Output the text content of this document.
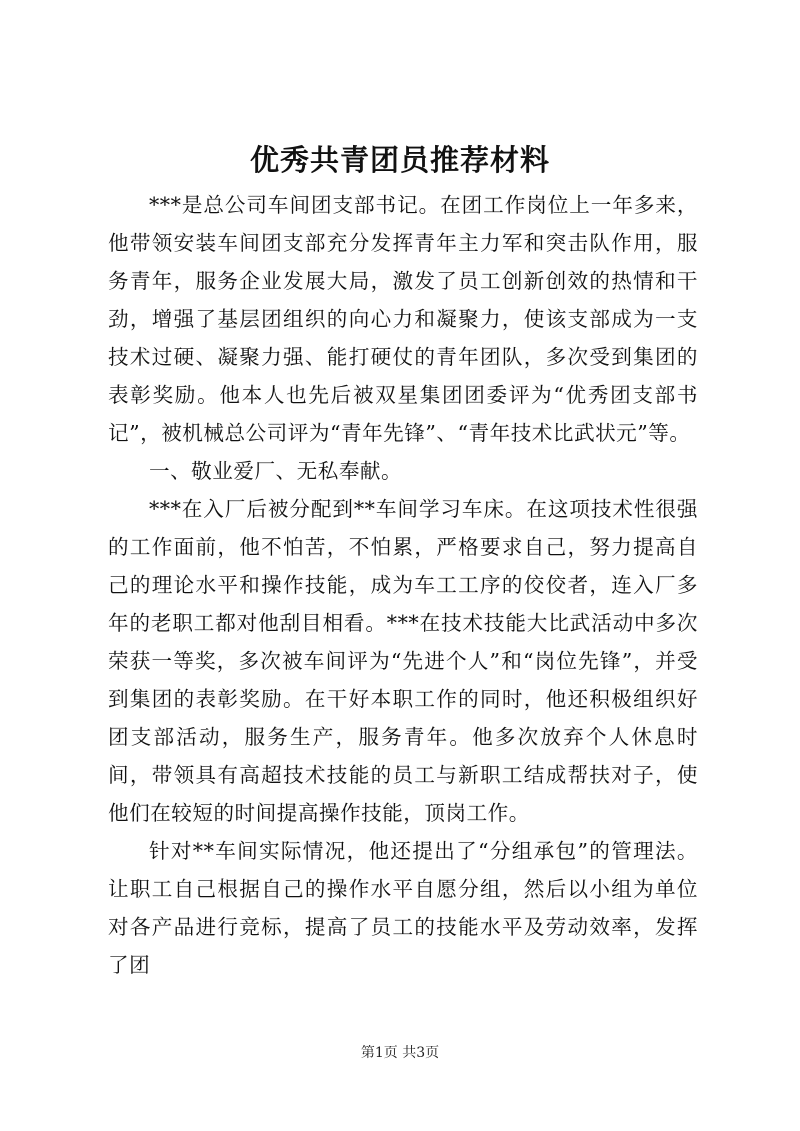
优秀共青团员推荐材料

***是总公司车间团支部书记。在团工作岗位上一年多来，他带领安装车间团支部充分发挥青年主力军和突击队作用，服务青年，服务企业发展大局，激发了员工创新创效的热情和干劲，增强了基层团组织的向心力和凝聚力，使该支部成为一支技术过硬、凝聚力强、能打硬仗的青年团队，多次受到集团的表彰奖励。他本人也先后被双星集团团委评为“优秀团支部书记”，被机械总公司评为“青年先锋”、“青年技术比武状元”等。

一、敬业爱厂、无私奉献。

***在入厂后被分配到**车间学习车床。在这项技术性很强的工作面前，他不怕苦，不怕累，严格要求自己，努力提高自己的理论水平和操作技能，成为车工工序的佼佼者，连入厂多年的老职工都对他刮目相看。***在技术技能大比武活动中多次荣获一等奖，多次被车间评为“先进个人”和“岗位先锋”，并受到集团的表彰奖励。在干好本职工作的同时，他还积极组织好团支部活动，服务生产，服务青年。他多次放弃个人休息时间，带领具有高超技术技能的员工与新职工结成帮扶对子，使他们在较短的时间提高操作技能，顶岗工作。

针对**车间实际情况，他还提出了“分组承包”的管理法。让职工自己根据自己的操作水平自愿分组，然后以小组为单位对各产品进行竞标，提高了员工的技能水平及劳动效率，发挥了团

第1页 共3页
